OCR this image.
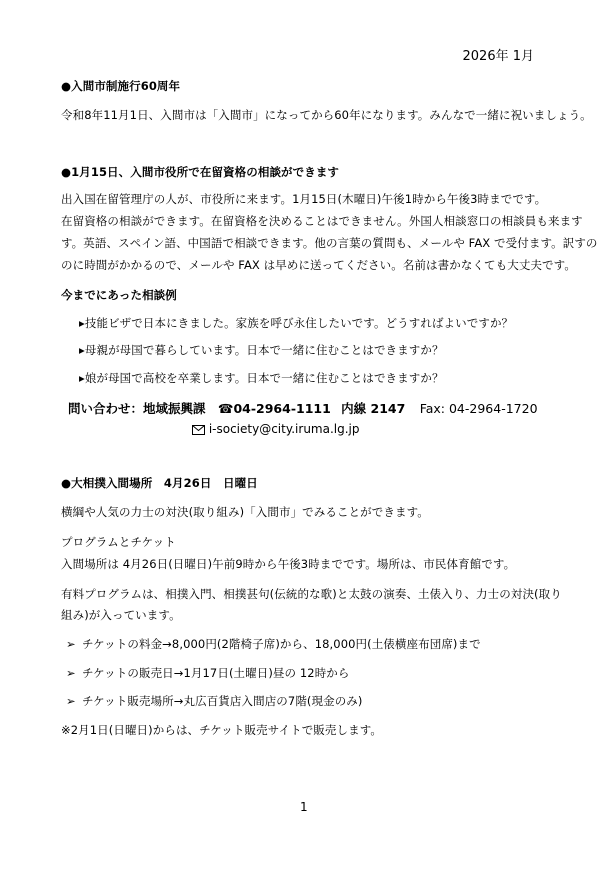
2026年 1月
●入間市制施行60周年
令和8年11月1日、入間市は「入間市」になってから60年になります。みんなで一緒に祝いましょう。
●1月15日、入間市役所で在留資格の相談ができます
出入国在留管理庁の人が、市役所に来ます。1月15日(木曜日)午後1時から午後3時までです。
在留資格の相談ができます。在留資格を決めることはできません。外国人相談窓口の相談員も来ます
す。英語、スペイン語、中国語で相談できます。他の言葉の質問も、メールや FAX で受付ます。訳すの
のに時間がかかるので、メールや FAX は早めに送ってください。名前は書かなくても大丈夫です。
今までにあった相談例
▸技能ビザで日本にきました。家族を呼び永住したいです。どうすればよいですか？
▸母親が母国で暮らしています。日本で一緒に住むことはできますか？
▸娘が母国で高校を卒業します。日本で一緒に住むことはできますか？
問い合わせ：地域振興課 ☎04-2964-1111 内線 2147 Fax: 04-2964-1720
i-society@city.iruma.lg.jp
●大相撲入間場所　4月26日　日曜日
横綱や人気の力士の対決(取り組み)「入間市」でみることができます。
プログラムとチケット
入間場所は 4月26日(日曜日)午前9時から午後3時までです。場所は、市民体育館です。
有料プログラムは、相撲入門、相撲甚句(伝統的な歌)と太鼓の演奏、土俵入り、力士の対決(取り
組み)が入っています。
➢ チケットの料金→8,000円(2階椅子席)から、18,000円(土俵横座布団席)まで
➢ チケットの販売日→1月17日(土曜日)昼の 12時から
➢ チケット販売場所→丸広百貨店入間店の7階(現金のみ)
※2月1日(日曜日)からは、チケット販売サイトで販売します。
1
